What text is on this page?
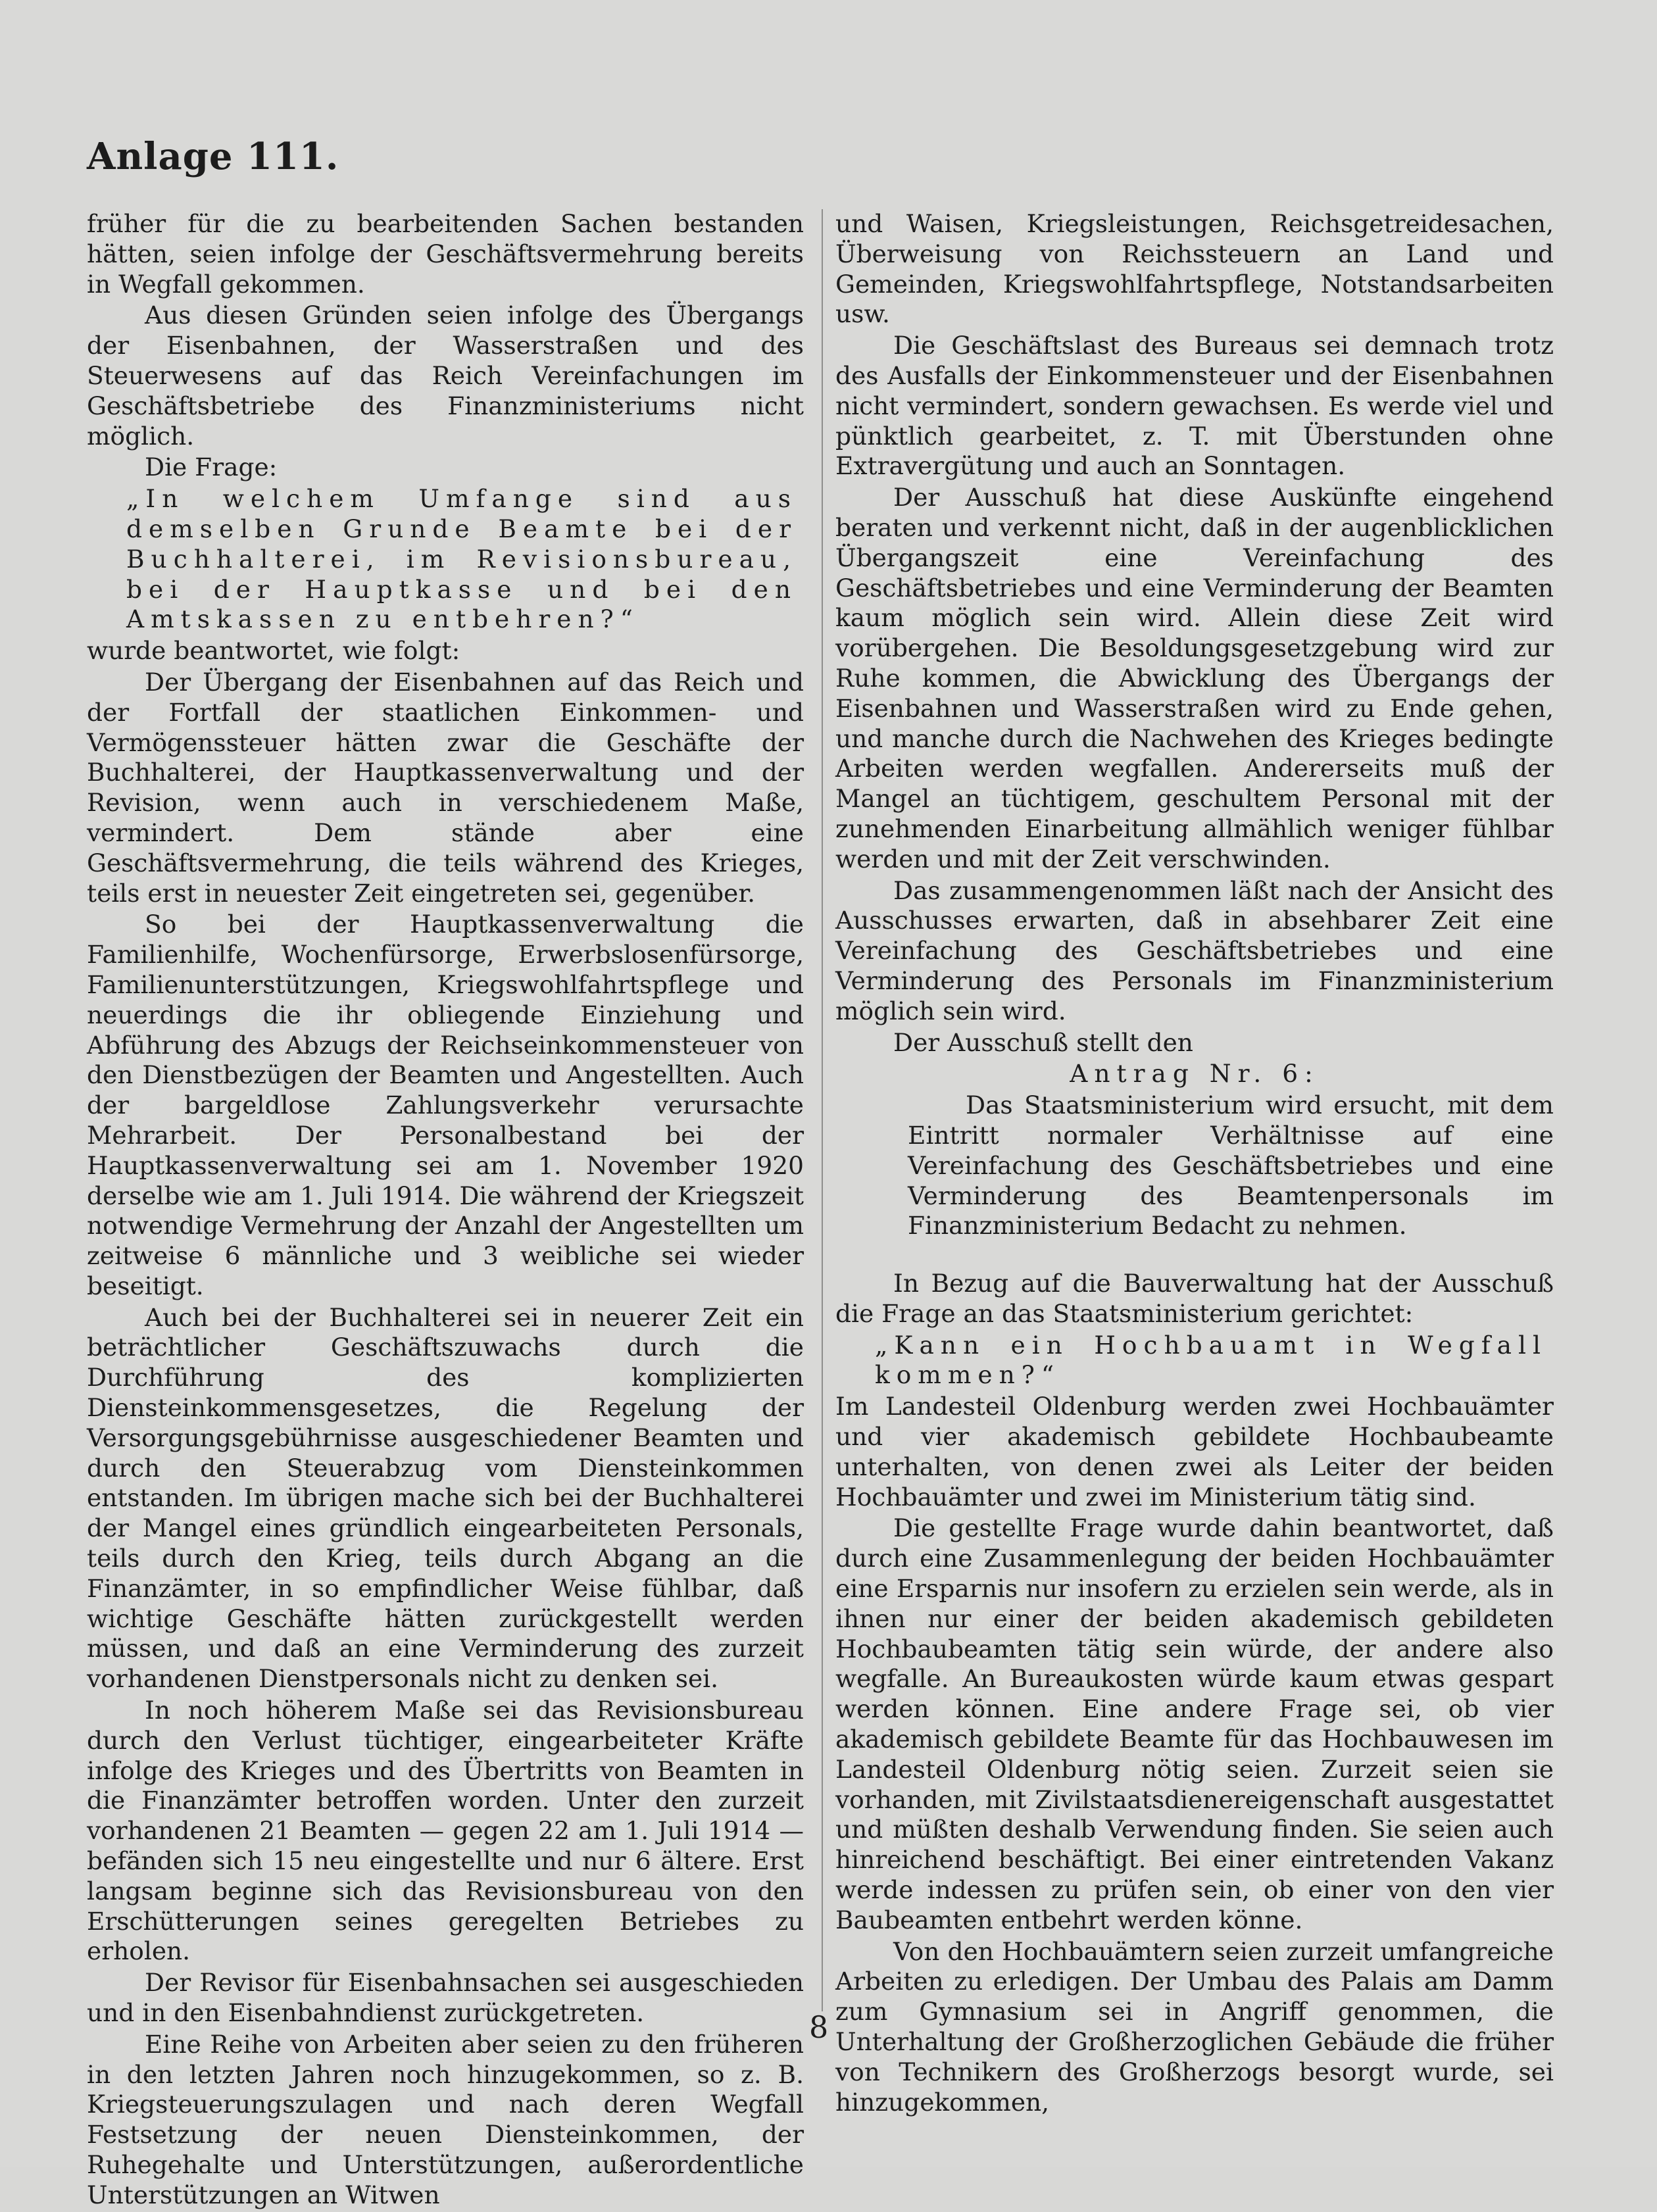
Anlage 111.

früher für die zu bearbeitenden Sachen bestanden hätten, seien infolge der Geschäftsvermehrung bereits in Wegfall gekommen.

Aus diesen Gründen seien infolge des Übergangs der Eisenbahnen, der Wasserstraßen und des Steuerwesens auf das Reich Vereinfachungen im Geschäftsbetriebe des Finanzministeriums nicht möglich.

Die Frage:

„In welchem Umfange sind aus demselben Grunde Beamte bei der Buchhalterei, im Revisionsbureau, bei der Hauptkasse und bei den Amtskassen zu entbehren?“

wurde beantwortet, wie folgt:

Der Übergang der Eisenbahnen auf das Reich und der Fortfall der staatlichen Einkommen- und Vermögenssteuer hätten zwar die Geschäfte der Buchhalterei, der Hauptkassenverwaltung und der Revision, wenn auch in verschiedenem Maße, vermindert. Dem stände aber eine Geschäftsvermehrung, die teils während des Krieges, teils erst in neuester Zeit eingetreten sei, gegenüber.

So bei der Hauptkassenverwaltung die Familienhilfe, Wochenfürsorge, Erwerbslosenfürsorge, Familienunterstützungen, Kriegswohlfahrtspflege und neuerdings die ihr obliegende Einziehung und Abführung des Abzugs der Reichseinkommensteuer von den Dienstbezügen der Beamten und Angestellten. Auch der bargeldlose Zahlungsverkehr verursachte Mehrarbeit. Der Personalbestand bei der Hauptkassenverwaltung sei am 1. November 1920 derselbe wie am 1. Juli 1914. Die während der Kriegszeit notwendige Vermehrung der Anzahl der Angestellten um zeitweise 6 männliche und 3 weibliche sei wieder beseitigt.

Auch bei der Buchhalterei sei in neuerer Zeit ein beträchtlicher Geschäftszuwachs durch die Durchführung des komplizierten Diensteinkommensgesetzes, die Regelung der Versorgungsgebührnisse ausgeschiedener Beamten und durch den Steuerabzug vom Diensteinkommen entstanden. Im übrigen mache sich bei der Buchhalterei der Mangel eines gründlich eingearbeiteten Personals, teils durch den Krieg, teils durch Abgang an die Finanzämter, in so empfindlicher Weise fühlbar, daß wichtige Geschäfte hätten zurückgestellt werden müssen, und daß an eine Verminderung des zurzeit vorhandenen Dienstpersonals nicht zu denken sei.

In noch höherem Maße sei das Revisionsbureau durch den Verlust tüchtiger, eingearbeiteter Kräfte infolge des Krieges und des Übertritts von Beamten in die Finanzämter betroffen worden. Unter den zurzeit vorhandenen 21 Beamten — gegen 22 am 1. Juli 1914 — befänden sich 15 neu eingestellte und nur 6 ältere. Erst langsam beginne sich das Revisionsbureau von den Erschütterungen seines geregelten Betriebes zu erholen.

Der Revisor für Eisenbahnsachen sei ausgeschieden und in den Eisenbahndienst zurückgetreten.

Eine Reihe von Arbeiten aber seien zu den früheren in den letzten Jahren noch hinzugekommen, so z. B. Kriegsteuerungszulagen und nach deren Wegfall Festsetzung der neuen Diensteinkommen, der Ruhegehalte und Unterstützungen, außerordentliche Unterstützungen an Witwen

und Waisen, Kriegsleistungen, Reichsgetreidesachen, Überweisung von Reichssteuern an Land und Gemeinden, Kriegswohlfahrtspflege, Notstandsarbeiten usw.

Die Geschäftslast des Bureaus sei demnach trotz des Ausfalls der Einkommensteuer und der Eisenbahnen nicht vermindert, sondern gewachsen. Es werde viel und pünktlich gearbeitet, z. T. mit Überstunden ohne Extravergütung und auch an Sonntagen.

Der Ausschuß hat diese Auskünfte eingehend beraten und verkennt nicht, daß in der augenblicklichen Übergangszeit eine Vereinfachung des Geschäftsbetriebes und eine Verminderung der Beamten kaum möglich sein wird. Allein diese Zeit wird vorübergehen. Die Besoldungsgesetzgebung wird zur Ruhe kommen, die Abwicklung des Übergangs der Eisenbahnen und Wasserstraßen wird zu Ende gehen, und manche durch die Nachwehen des Krieges bedingte Arbeiten werden wegfallen. Andererseits muß der Mangel an tüchtigem, geschultem Personal mit der zunehmenden Einarbeitung allmählich weniger fühlbar werden und mit der Zeit verschwinden.

Das zusammengenommen läßt nach der Ansicht des Ausschusses erwarten, daß in absehbarer Zeit eine Vereinfachung des Geschäftsbetriebes und eine Verminderung des Personals im Finanzministerium möglich sein wird.

Der Ausschuß stellt den

Antrag Nr. 6:

Das Staatsministerium wird ersucht, mit dem Eintritt normaler Verhältnisse auf eine Vereinfachung des Geschäftsbetriebes und eine Verminderung des Beamtenpersonals im Finanzministerium Bedacht zu nehmen.

In Bezug auf die Bauverwaltung hat der Ausschuß die Frage an das Staatsministerium gerichtet:

„Kann ein Hochbauamt in Wegfall kommen?“

Im Landesteil Oldenburg werden zwei Hochbauämter und vier akademisch gebildete Hochbaubeamte unterhalten, von denen zwei als Leiter der beiden Hochbauämter und zwei im Ministerium tätig sind.

Die gestellte Frage wurde dahin beantwortet, daß durch eine Zusammenlegung der beiden Hochbauämter eine Ersparnis nur insofern zu erzielen sein werde, als in ihnen nur einer der beiden akademisch gebildeten Hochbaubeamten tätig sein würde, der andere also wegfalle. An Bureaukosten würde kaum etwas gespart werden können. Eine andere Frage sei, ob vier akademisch gebildete Beamte für das Hochbauwesen im Landesteil Oldenburg nötig seien. Zurzeit seien sie vorhanden, mit Zivilstaatsdienereigenschaft ausgestattet und müßten deshalb Verwendung finden. Sie seien auch hinreichend beschäftigt. Bei einer eintretenden Vakanz werde indessen zu prüfen sein, ob einer von den vier Baubeamten entbehrt werden könne.

Von den Hochbauämtern seien zurzeit umfangreiche Arbeiten zu erledigen. Der Umbau des Palais am Damm zum Gymnasium sei in Angriff genommen, die Unterhaltung der Großherzoglichen Gebäude die früher von Technikern des Großherzogs besorgt wurde, sei hinzugekommen,

8
